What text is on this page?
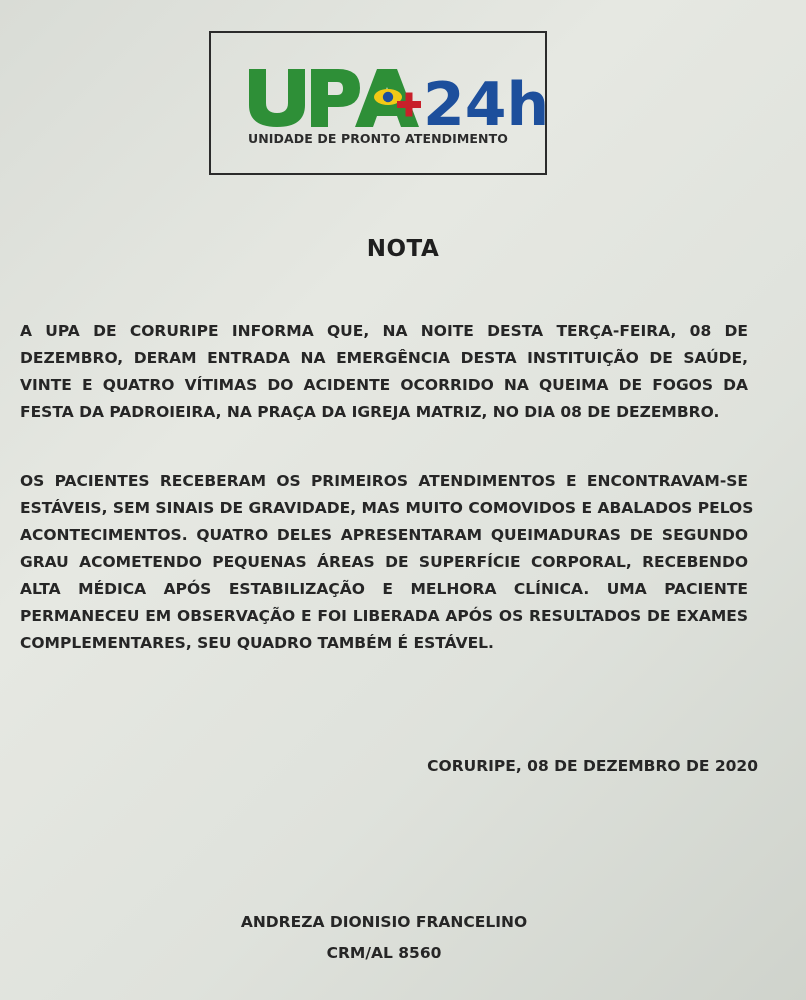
24h
UNIDADE DE PRONTO ATENDIMENTO
NOTA
A UPA DE CORURIPE INFORMA QUE, NA NOITE DESTA TERÇA-FEIRA, 08 DE
DEZEMBRO, DERAM ENTRADA NA EMERGÊNCIA DESTA INSTITUIÇÃO DE SAÚDE,
VINTE E QUATRO VÍTIMAS DO ACIDENTE OCORRIDO NA QUEIMA DE FOGOS DA
FESTA DA PADROIEIRA, NA PRAÇA DA IGREJA MATRIZ, NO DIA 08 DE DEZEMBRO.
OS PACIENTES RECEBERAM OS PRIMEIROS ATENDIMENTOS E ENCONTRAVAM-SE
ESTÁVEIS, SEM SINAIS DE GRAVIDADE, MAS MUITO COMOVIDOS E ABALADOS PELOS
ACONTECIMENTOS. QUATRO DELES APRESENTARAM QUEIMADURAS DE SEGUNDO
GRAU ACOMETENDO PEQUENAS ÁREAS DE SUPERFÍCIE CORPORAL, RECEBENDO
ALTA MÉDICA APÓS ESTABILIZAÇÃO E MELHORA CLÍNICA. UMA PACIENTE
PERMANECEU EM OBSERVAÇÃO E FOI LIBERADA APÓS OS RESULTADOS DE EXAMES
COMPLEMENTARES, SEU QUADRO TAMBÉM É ESTÁVEL.
CORURIPE, 08 DE DEZEMBRO DE 2020
ANDREZA DIONISIO FRANCELINO
CRM/AL 8560
